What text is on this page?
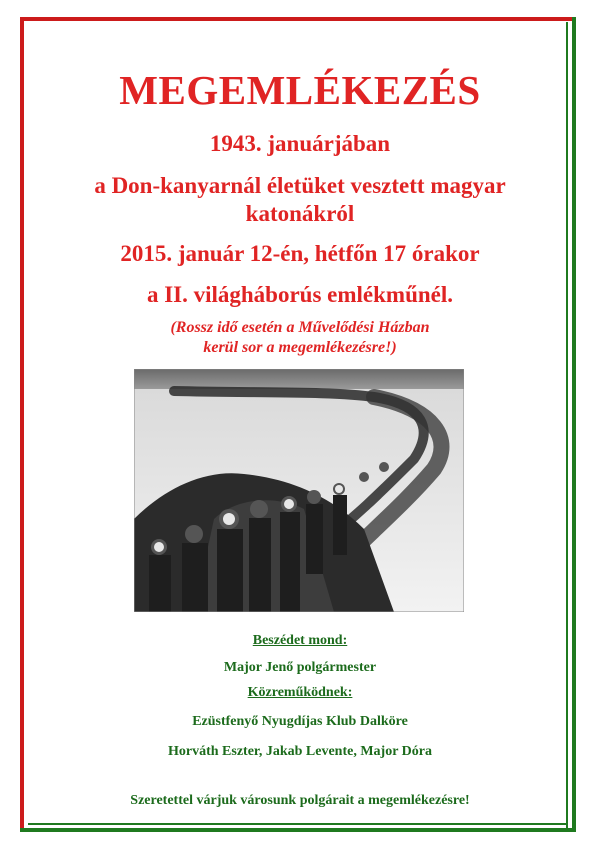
MEGEMLÉKEZÉS
1943. januárjában
a Don-kanyarnál életüket vesztett magyar
katonákról
2015. január 12-én, hétfőn 17 órakor
a II. világháborús emlékműnél.
(Rossz idő esetén a Művelődési Házban
kerül sor a megemlékezésre!)
Beszédet mond:
Major Jenő polgármester
Közreműködnek:
Ezüstfenyő Nyugdíjas Klub Dalköre
Horváth Eszter, Jakab Levente, Major Dóra
Szeretettel várjuk városunk polgárait a megemlékezésre!
